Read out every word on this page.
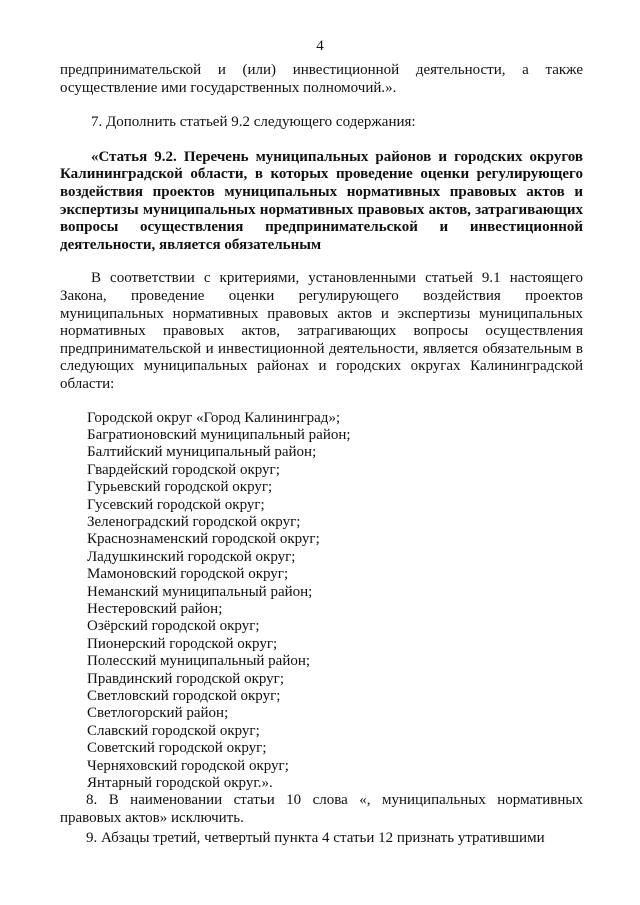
4

предпринимательской и (или) инвестиционной деятельности, а также осуществление ими государственных полномочий.».

7. Дополнить статьей 9.2 следующего содержания:

«Статья 9.2. Перечень муниципальных районов и городских округов Калининградской области, в которых проведение оценки регулирующего воздействия проектов муниципальных нормативных правовых актов и экспертизы муниципальных нормативных правовых актов, затрагивающих вопросы осуществления предпринимательской и инвестиционной деятельности, является обязательным

В соответствии с критериями, установленными статьей 9.1 настоящего Закона, проведение оценки регулирующего воздействия проектов муниципальных нормативных правовых актов и экспертизы муниципальных нормативных правовых актов, затрагивающих вопросы осуществления предпринимательской и инвестиционной деятельности, является обязательным в следующих муниципальных районах и городских округах Калининградской области:

Городской округ «Город Калининград»;
Багратионовский муниципальный район;
Балтийский муниципальный район;
Гвардейский городской округ;
Гурьевский городской округ;
Гусевский городской округ;
Зеленоградский городской округ;
Краснознаменский городской округ;
Ладушкинский городской округ;
Мамоновский городской округ;
Неманский муниципальный район;
Нестеровский район;
Озёрский городской округ;
Пионерский городской округ;
Полесский муниципальный район;
Правдинский городской округ;
Светловский городской округ;
Светлогорский район;
Славский городской округ;
Советский городской округ;
Черняховский городской округ;
Янтарный городской округ.».

8. В наименовании статьи 10 слова «, муниципальных нормативных правовых актов» исключить.

9. Абзацы третий, четвертый пункта 4 статьи 12 признать утратившими
